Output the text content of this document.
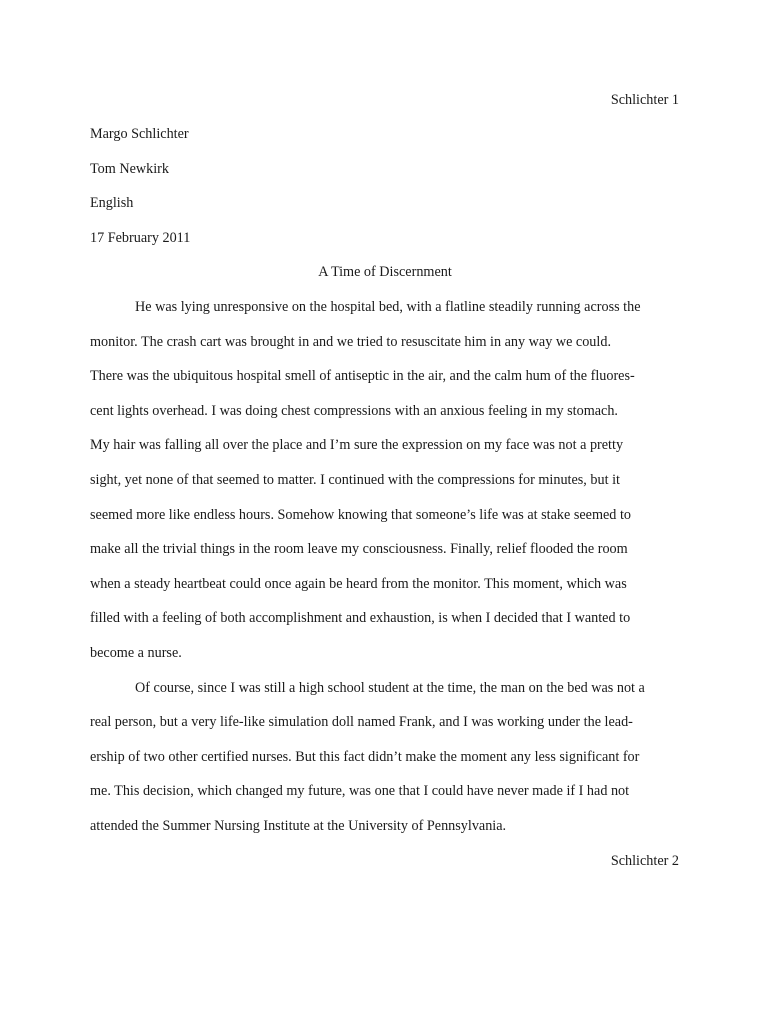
Schlichter 1
Margo Schlichter
Tom Newkirk
English
17 February 2011
A Time of Discernment
He was lying unresponsive on the hospital bed, with a flatline steadily running across the
monitor. The crash cart was brought in and we tried to resuscitate him in any way we could.
There was the ubiquitous hospital smell of antiseptic in the air, and the calm hum of the fluores-
cent lights overhead. I was doing chest compressions with an anxious feeling in my stomach.
My hair was falling all over the place and I’m sure the expression on my face was not a pretty
sight, yet none of that seemed to matter. I continued with the compressions for minutes, but it
seemed more like endless hours. Somehow knowing that someone’s life was at stake seemed to
make all the trivial things in the room leave my consciousness. Finally, relief flooded the room
when a steady heartbeat could once again be heard from the monitor. This moment, which was
filled with a feeling of both accomplishment and exhaustion, is when I decided that I wanted to
become a nurse.
Of course, since I was still a high school student at the time, the man on the bed was not a
real person, but a very life-like simulation doll named Frank, and I was working under the lead-
ership of two other certified nurses. But this fact didn’t make the moment any less significant for
me. This decision, which changed my future, was one that I could have never made if I had not
attended the Summer Nursing Institute at the University of Pennsylvania.
Schlichter 2
